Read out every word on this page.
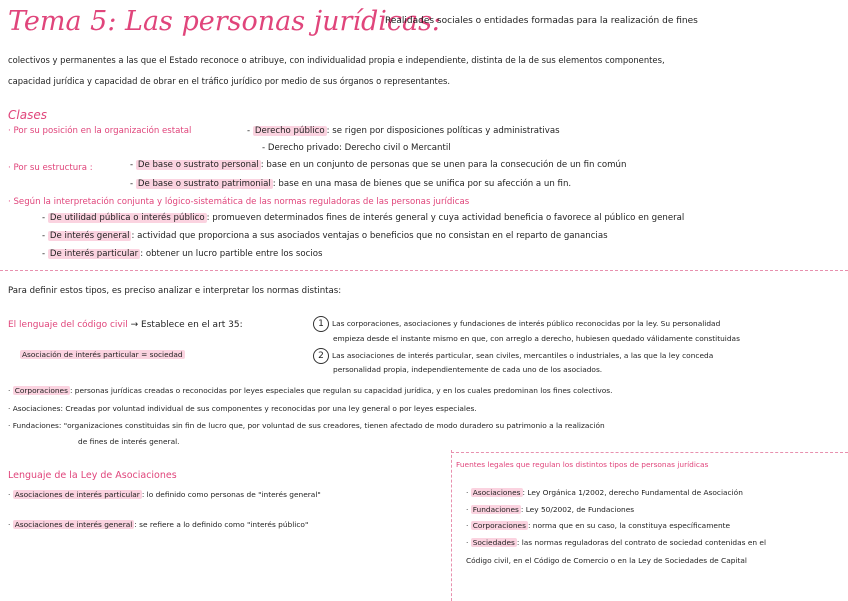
Tema 5: Las personas jurídicas:
Realidades sociales o entidades formadas para la realización de fines
colectivos y permanentes a las que el Estado reconoce o atribuye, con individualidad propia e independiente, distinta de la de sus elementos componentes,
capacidad jurídica y capacidad de obrar en el tráfico jurídico por medio de sus órganos o representantes.
Clases
· Por su posición en la organización estatal	- Derecho público : se rigen por disposiciones políticas y administrativas
- Derecho privado: Derecho civil o Mercantil
· Por su estructura :	- De base o sustrato personal : base en un conjunto de personas que se unen para la consecución de un fin común
- De base o sustrato patrimonial : base en una masa de bienes que se unifica por su afección a un fin.
· Según la interpretación conjunta y lógico-sistemática de las normas reguladoras de las personas jurídicas
- De utilidad pública o interés público : promueven determinados fines de interés general y cuya actividad beneficia o favorece al público en general
- De interés general : actividad que proporciona a sus asociados ventajas o beneficios que no consistan en el reparto de ganancias
- De interés particular : obtener un lucro partible entre los socios
Para definir estos tipos, es preciso analizar e interpretar los normas distintas:
El lenguaje del código civil → Establece en el art 35:
Asociación de interés particular = sociedad
1 Las corporaciones, asociaciones y fundaciones de interés público reconocidas por la ley. Su personalidad
empieza desde el instante mismo en que, con arreglo a derecho, hubiesen quedado válidamente constituidas
2 Las asociaciones de interés particular, sean civiles, mercantiles o industriales, a las que la ley conceda
personalidad propia, independientemente de cada uno de los asociados.
· Corporaciones : personas jurídicas creadas o reconocidas por leyes especiales que regulan su capacidad jurídica, y en los cuales predominan los fines colectivos.
· Asociaciones: Creadas por voluntad individual de sus componentes y reconocidas por una ley general o por leyes especiales.
· Fundaciones: "organizaciones constituidas sin fin de lucro que, por voluntad de sus creadores, tienen afectado de modo duradero su patrimonio a la realización
de fines de interés general.
Lenguaje de la Ley de Asociaciones
· Asociaciones de interés particular : lo definido como personas de "interés general"
· Asociaciones de interés general : se refiere a lo definido como "interés público"
Fuentes legales que regulan los distintos tipos de personas jurídicas
· Asociaciones : Ley Orgánica 1/2002, derecho Fundamental de Asociación
· Fundaciones : Ley 50/2002, de Fundaciones
· Corporaciones : norma que en su caso, la constituya específicamente
· Sociedades : las normas reguladoras del contrato de sociedad contenidas en el
Código civil, en el Código de Comercio o en la Ley de Sociedades de Capital
